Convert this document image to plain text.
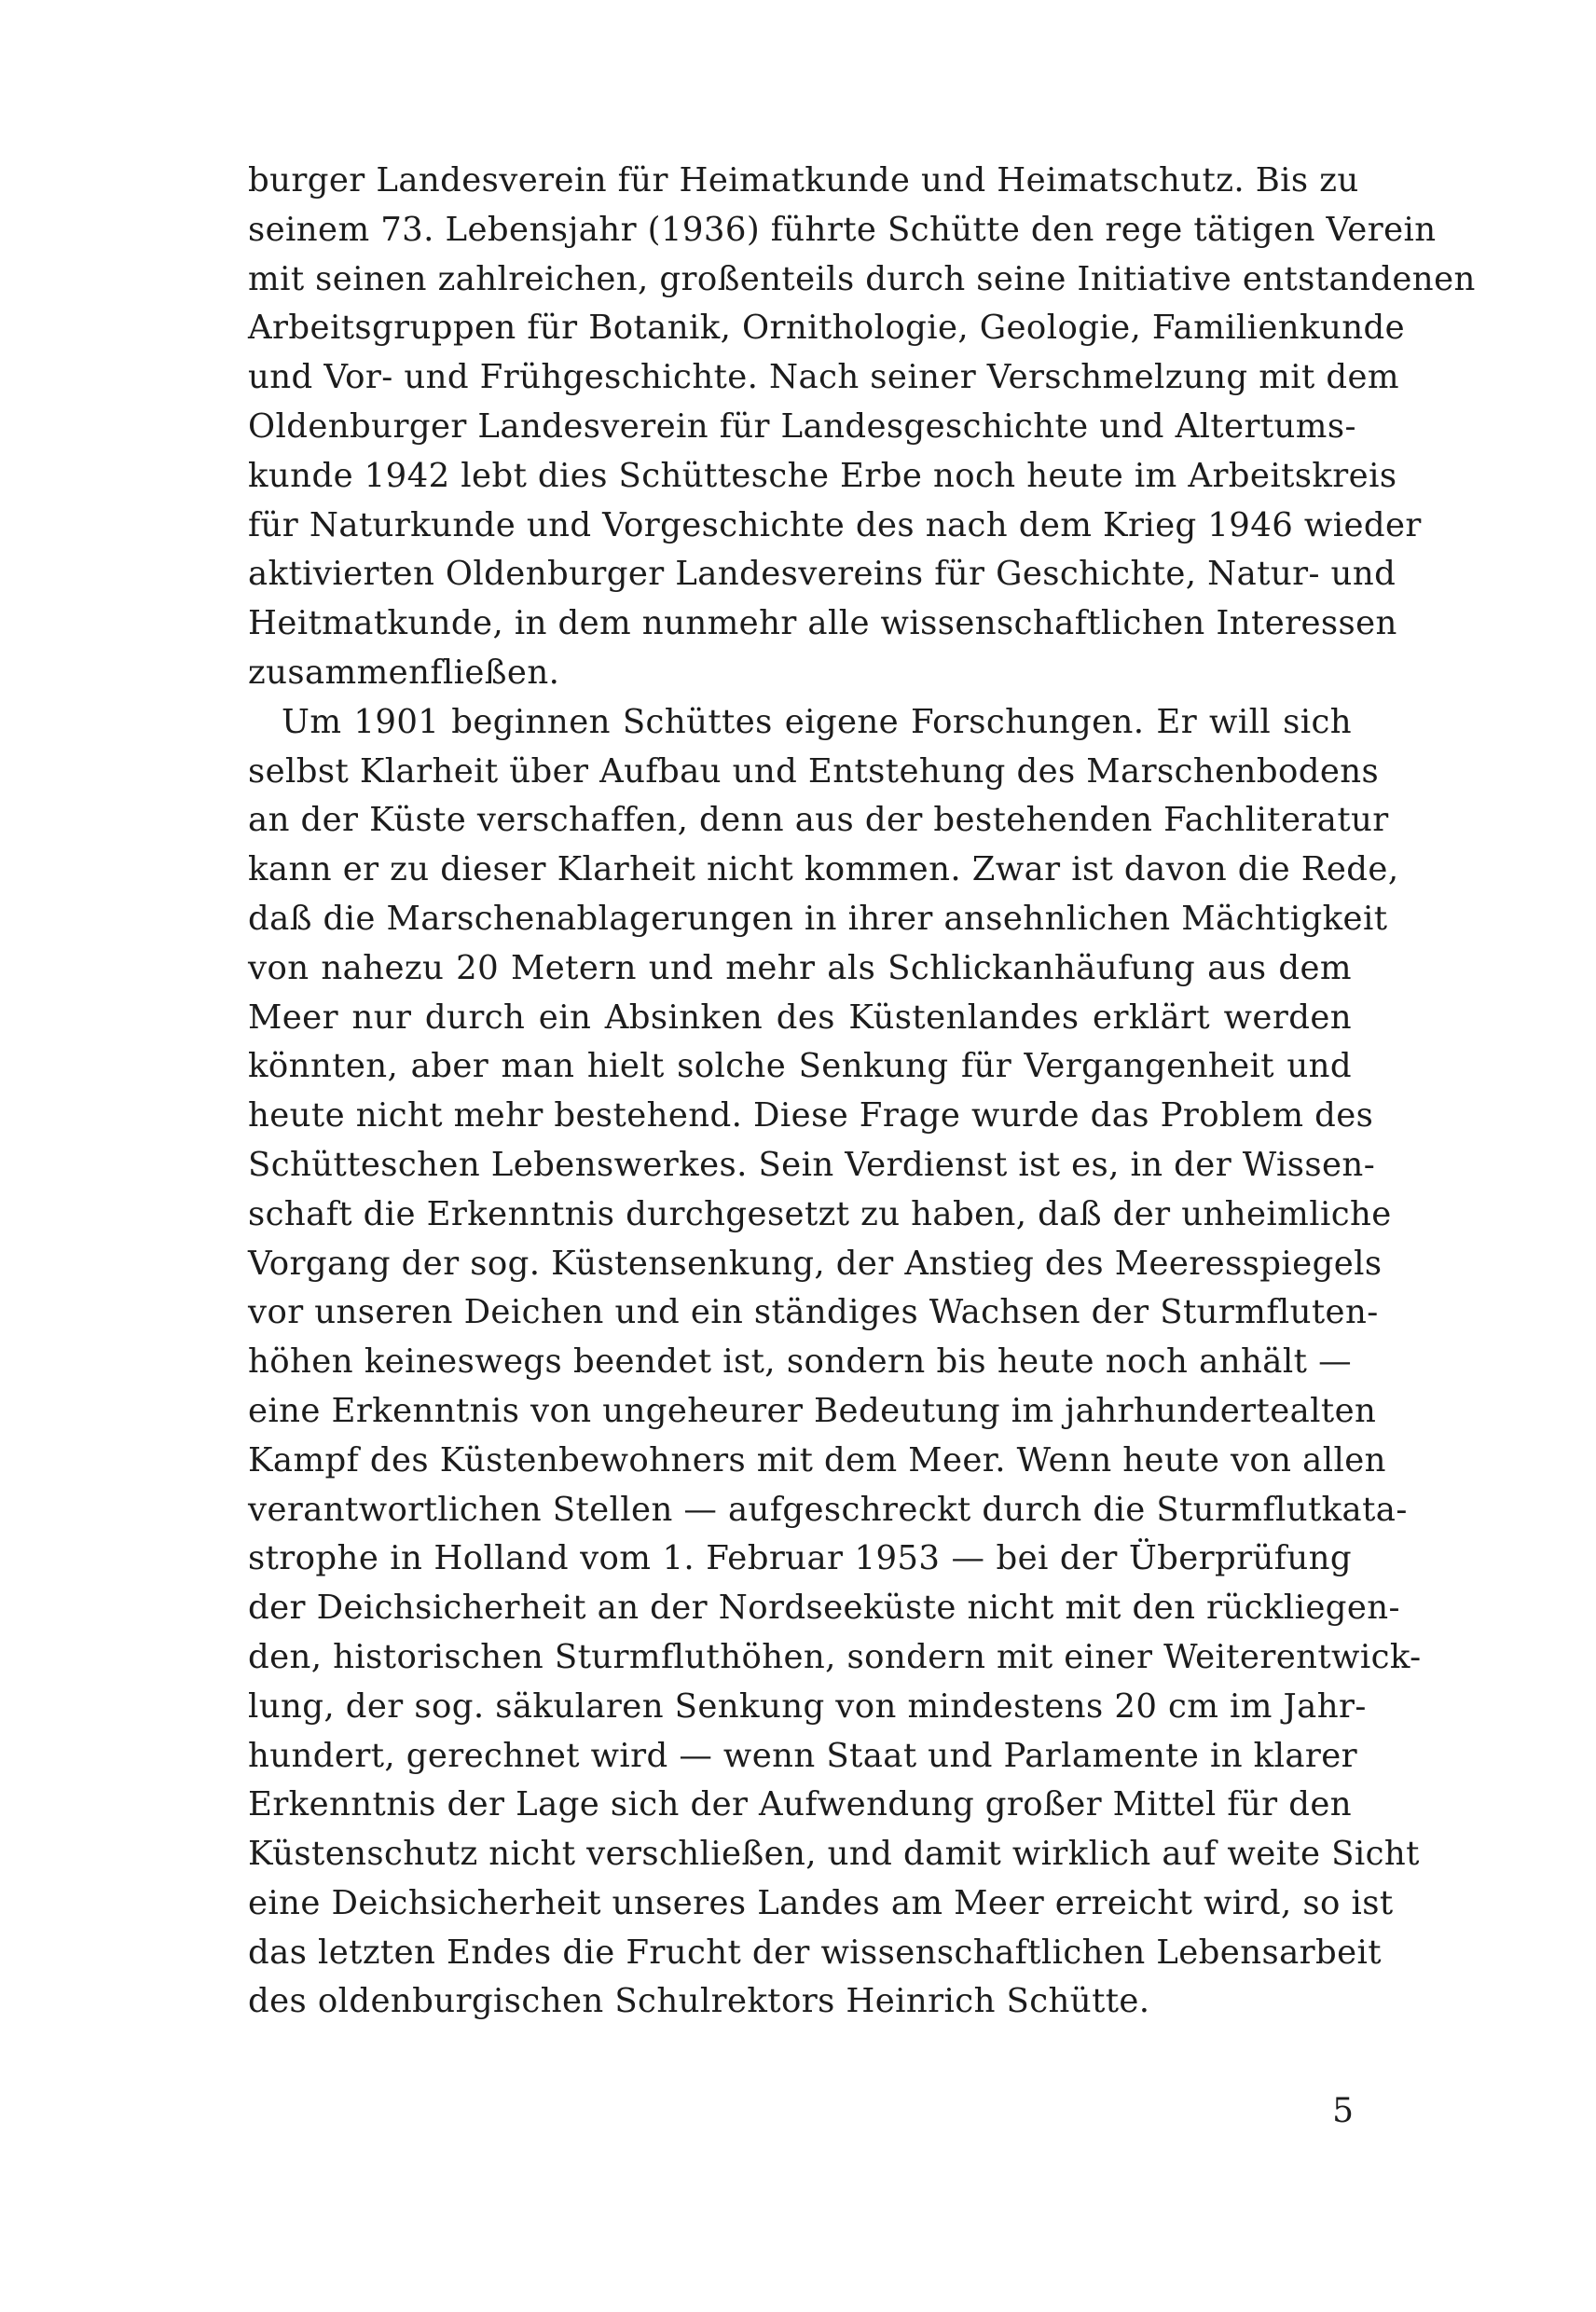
burger Landesverein für Heimatkunde und Heimatschutz. Bis zu
seinem 73. Lebensjahr (1936) führte Schütte den rege tätigen Verein
mit seinen zahlreichen, großenteils durch seine Initiative entstandenen
Arbeitsgruppen für Botanik, Ornithologie, Geologie, Familienkunde
und Vor- und Frühgeschichte. Nach seiner Verschmelzung mit dem
Oldenburger Landesverein für Landesgeschichte und Altertums-
kunde 1942 lebt dies Schüttesche Erbe noch heute im Arbeitskreis
für Naturkunde und Vorgeschichte des nach dem Krieg 1946 wieder
aktivierten Oldenburger Landesvereins für Geschichte, Natur- und
Heitmatkunde, in dem nunmehr alle wissenschaftlichen Interessen
zusammenfließen.
Um 1901 beginnen Schüttes eigene Forschungen. Er will sich
selbst Klarheit über Aufbau und Entstehung des Marschenbodens
an der Küste verschaffen, denn aus der bestehenden Fachliteratur
kann er zu dieser Klarheit nicht kommen. Zwar ist davon die Rede,
daß die Marschenablagerungen in ihrer ansehnlichen Mächtigkeit
von nahezu 20 Metern und mehr als Schlickanhäufung aus dem
Meer nur durch ein Absinken des Küstenlandes erklärt werden
könnten, aber man hielt solche Senkung für Vergangenheit und
heute nicht mehr bestehend. Diese Frage wurde das Problem des
Schütteschen Lebenswerkes. Sein Verdienst ist es, in der Wissen-
schaft die Erkenntnis durchgesetzt zu haben, daß der unheimliche
Vorgang der sog. Küstensenkung, der Anstieg des Meeresspiegels
vor unseren Deichen und ein ständiges Wachsen der Sturmfluten-
höhen keineswegs beendet ist, sondern bis heute noch anhält —
eine Erkenntnis von ungeheurer Bedeutung im jahrhundertealten
Kampf des Küstenbewohners mit dem Meer. Wenn heute von allen
verantwortlichen Stellen — aufgeschreckt durch die Sturmflutkata-
strophe in Holland vom 1. Februar 1953 — bei der Überprüfung
der Deichsicherheit an der Nordseeküste nicht mit den rückliegen-
den, historischen Sturmfluthöhen, sondern mit einer Weiterentwick-
lung, der sog. säkularen Senkung von mindestens 20 cm im Jahr-
hundert, gerechnet wird — wenn Staat und Parlamente in klarer
Erkenntnis der Lage sich der Aufwendung großer Mittel für den
Küstenschutz nicht verschließen, und damit wirklich auf weite Sicht
eine Deichsicherheit unseres Landes am Meer erreicht wird, so ist
das letzten Endes die Frucht der wissenschaftlichen Lebensarbeit
des oldenburgischen Schulrektors Heinrich Schütte.
5
